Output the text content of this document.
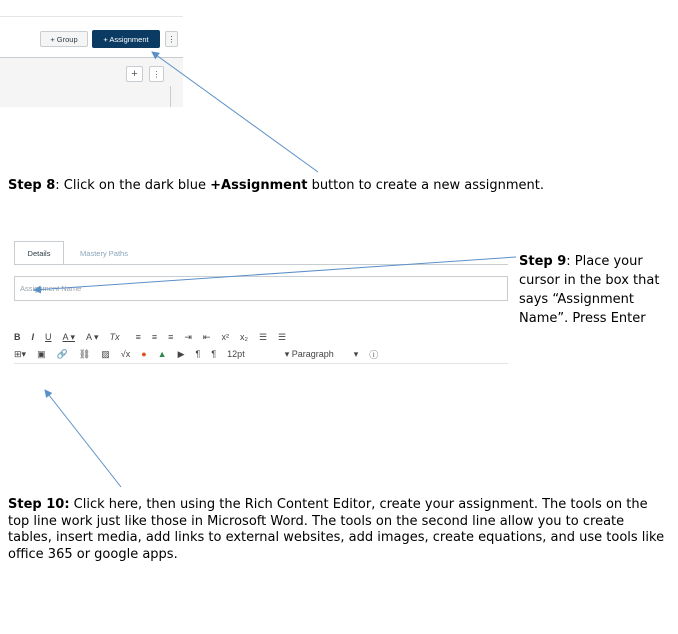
+ Group	+ Assignment	⋮
+	⋮
Step 8: Click on the dark blue +Assignment button to create a new assignment.
Details	Mastery Paths
Assignment Name
B I U A ▾ A ▾ Tx ≡ ≡ ≡ ⇥ ⇤ x² x₂ ☰ ☰
⊞▾ ▣ 🔗 ⛓ ▨ √x ● ▲ ▶ ¶ ¶ 12pt	▾ Paragraph ▾ ⓘ
Step 9: Place your cursor in the box that says “Assignment Name”. Press Enter
Step 10: Click here, then using the Rich Content Editor, create your assignment. The tools on the top line work just like those in Microsoft Word. The tools on the second line allow you to create tables, insert media, add links to external websites, add images, create equations, and use tools like office 365 or google apps.
